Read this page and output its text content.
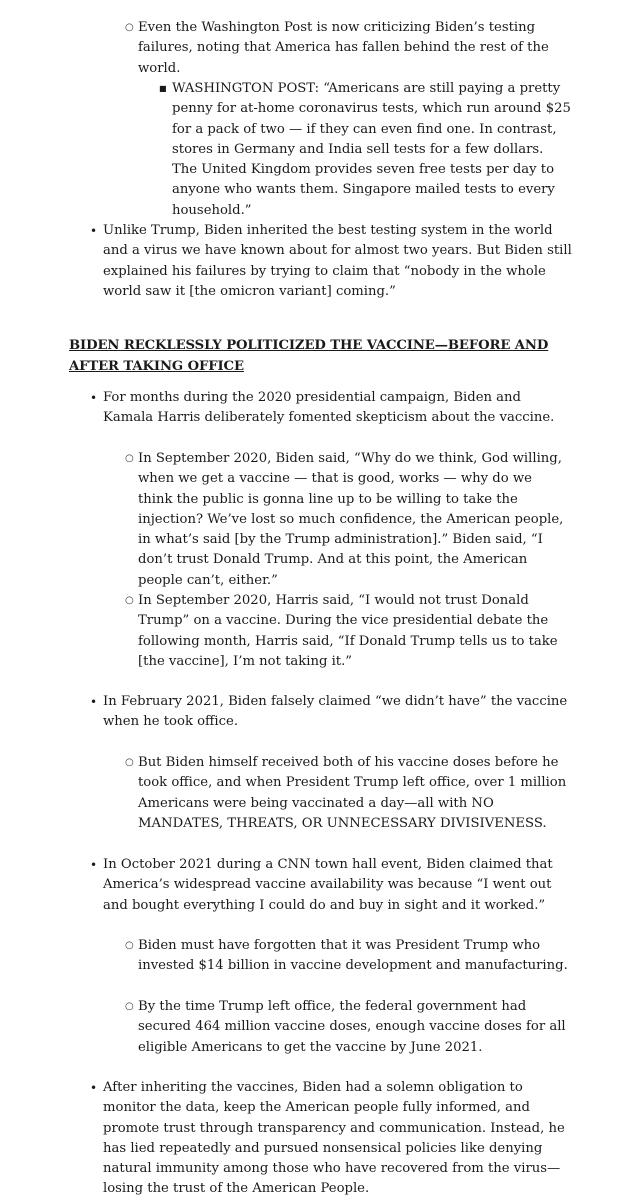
○ Even the Washington Post is now criticizing Biden’s testing failures, noting that America has fallen behind the rest of the world.

■ WASHINGTON POST: “Americans are still paying a pretty penny for at-home coronavirus tests, which run around $25 for a pack of two — if they can even find one. In contrast, stores in Germany and India sell tests for a few dollars. The United Kingdom provides seven free tests per day to anyone who wants them. Singapore mailed tests to every household.”

• Unlike Trump, Biden inherited the best testing system in the world and a virus we have known about for almost two years. But Biden still explained his failures by trying to claim that “nobody in the whole world saw it [the omicron variant] coming.”

BIDEN RECKLESSLY POLITICIZED THE VACCINE—BEFORE AND AFTER TAKING OFFICE

• For months during the 2020 presidential campaign, Biden and Kamala Harris deliberately fomented skepticism about the vaccine.

○ In September 2020, Biden said, “Why do we think, God willing, when we get a vaccine — that is good, works — why do we think the public is gonna line up to be willing to take the injection? We’ve lost so much confidence, the American people, in what’s said [by the Trump administration].” Biden said, “I don’t trust Donald Trump. And at this point, the American people can’t, either.”

○ In September 2020, Harris said, “I would not trust Donald Trump” on a vaccine. During the vice presidential debate the following month, Harris said, “If Donald Trump tells us to take [the vaccine], I’m not taking it.”

• In February 2021, Biden falsely claimed “we didn’t have” the vaccine when he took office.

○ But Biden himself received both of his vaccine doses before he took office, and when President Trump left office, over 1 million Americans were being vaccinated a day—all with NO MANDATES, THREATS, OR UNNECESSARY DIVISIVENESS.

• In October 2021 during a CNN town hall event, Biden claimed that America’s widespread vaccine availability was because “I went out and bought everything I could do and buy in sight and it worked.”

○ Biden must have forgotten that it was President Trump who invested $14 billion in vaccine development and manufacturing.

○ By the time Trump left office, the federal government had secured 464 million vaccine doses, enough vaccine doses for all eligible Americans to get the vaccine by June 2021.

• After inheriting the vaccines, Biden had a solemn obligation to monitor the data, keep the American people fully informed, and promote trust through transparency and communication. Instead, he has lied repeatedly and pursued nonsensical policies like denying natural immunity among those who have recovered from the virus—losing the trust of the American People.
